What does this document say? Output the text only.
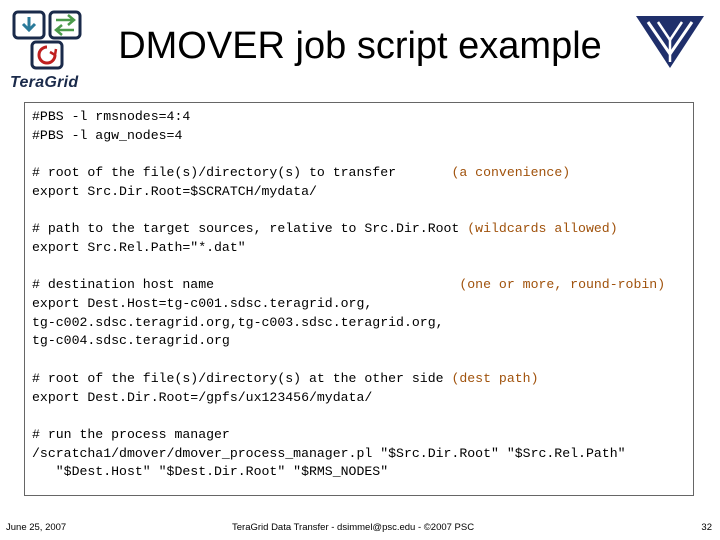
TeraGrid
DMOVER job script example
#PBS -l rmsnodes=4:4
#PBS -l agw_nodes=4

# root of the file(s)/directory(s) to transfer       (a convenience)
export Src.Dir.Root=$SCRATCH/mydata/

# path to the target sources, relative to Src.Dir.Root (wildcards allowed)
export Src.Rel.Path="*.dat"

# destination host name                               (one or more, round-robin)
export Dest.Host=tg-c001.sdsc.teragrid.org,
tg-c002.sdsc.teragrid.org,tg-c003.sdsc.teragrid.org,
tg-c004.sdsc.teragrid.org

# root of the file(s)/directory(s) at the other side (dest path)
export Dest.Dir.Root=/gpfs/ux123456/mydata/

# run the process manager
/scratcha1/dmover/dmover_process_manager.pl "$Src.Dir.Root" "$Src.Rel.Path"
"$Dest.Host" "$Dest.Dir.Root" "$RMS_NODES"
June 25, 2007	TeraGrid Data Transfer - dsimmel@psc.edu - ©2007 PSC	32
